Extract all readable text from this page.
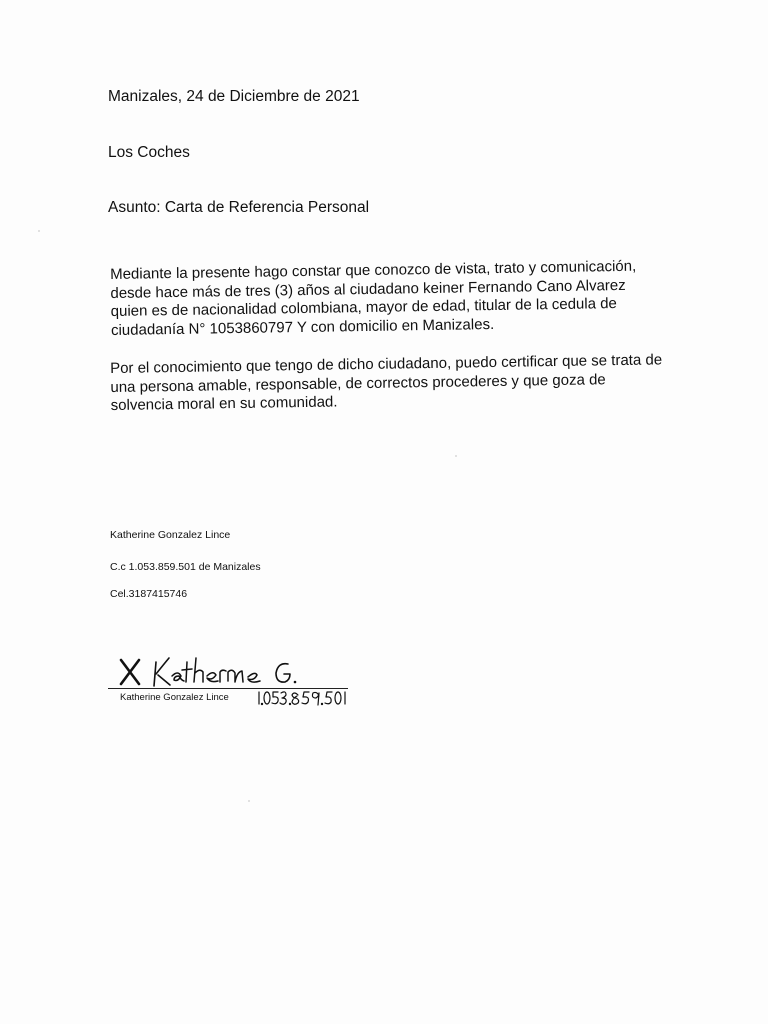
Manizales, 24 de Diciembre de 2021

Los Coches

Asunto: Carta de Referencia Personal

Mediante la presente hago constar que conozco de vista, trato y comunicación,
desde hace más de tres (3) años al ciudadano keiner Fernando Cano Alvarez
quien es de nacionalidad colombiana, mayor de edad, titular de la cedula de
ciudadanía N° 1053860797 Y con domicilio en Manizales.
Por el conocimiento que tengo de dicho ciudadano, puedo certificar que se trata de
una persona amable, responsable, de correctos procederes y que goza de
solvencia moral en su comunidad.

Katherine Gonzalez Lince

C.c 1.053.859.501 de Manizales

Cel.3187415746

Katherine Gonzalez Lince
